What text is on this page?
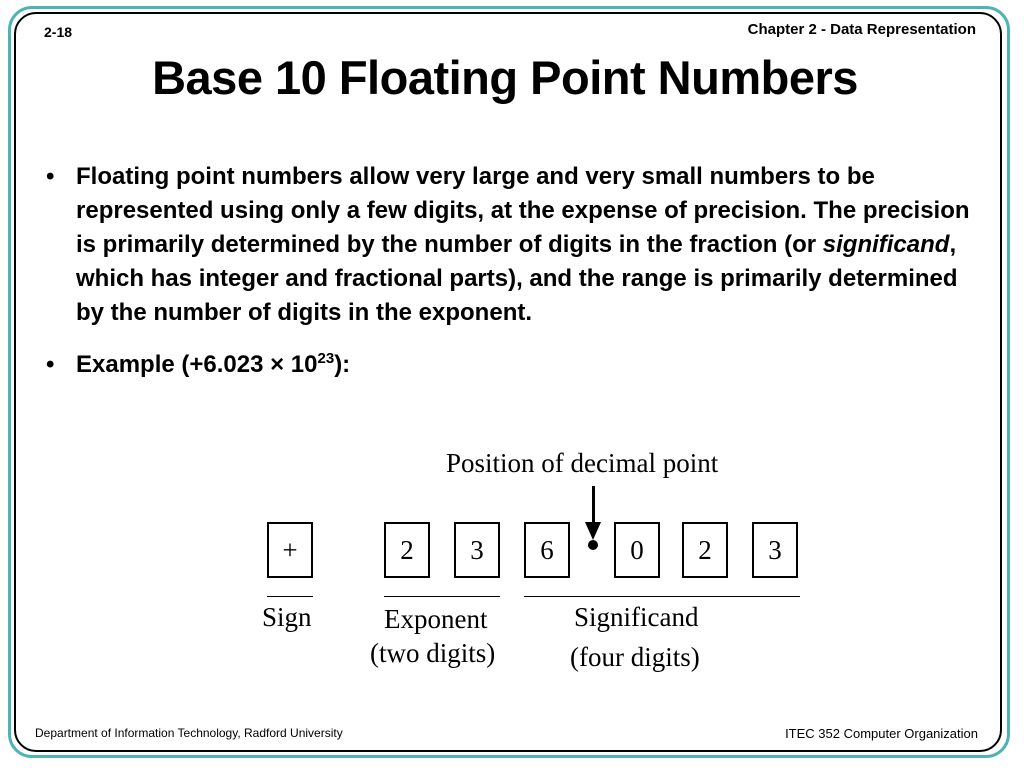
2-18	Chapter 2 - Data Representation
Base 10 Floating Point Numbers
• Floating point numbers allow very large and very small numbers to be represented using only a few digits, at the expense of precision. The precision is primarily determined by the number of digits in the fraction (or significand, which has integer and fractional parts), and the range is primarily determined by the number of digits in the exponent.
• Example $(+6.023 \times 10^{23})$:
Position of decimal point
+	2	3	6	0	2	3
Sign	Exponent
(two digits)
Significand
(four digits)
Department of Information Technology, Radford University	ITEC 352 Computer Organization
